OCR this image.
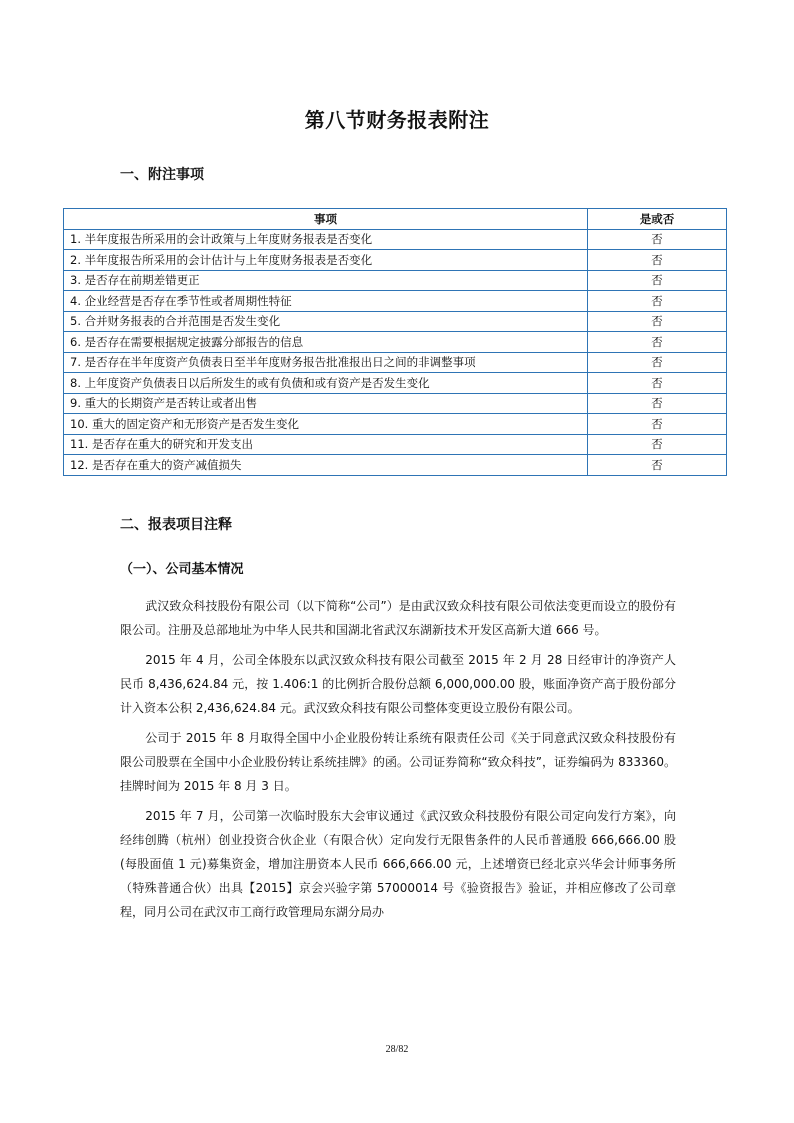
第八节财务报表附注
一、附注事项
事项	是或否
1. 半年度报告所采用的会计政策与上年度财务报表是否变化	否
2. 半年度报告所采用的会计估计与上年度财务报表是否变化	否
3. 是否存在前期差错更正	否
4. 企业经营是否存在季节性或者周期性特征	否
5. 合并财务报表的合并范围是否发生变化	否
6. 是否存在需要根据规定披露分部报告的信息	否
7. 是否存在半年度资产负债表日至半年度财务报告批准报出日之间的非调整事项	否
8. 上年度资产负债表日以后所发生的或有负债和或有资产是否发生变化	否
9. 重大的长期资产是否转让或者出售	否
10. 重大的固定资产和无形资产是否发生变化	否
11. 是否存在重大的研究和开发支出	否
12. 是否存在重大的资产减值损失	否
二、报表项目注释
（一）、公司基本情况

武汉致众科技股份有限公司（以下简称“公司”）是由武汉致众科技有限公司依法变更而设立的股份有限公司。注册及总部地址为中华人民共和国湖北省武汉东湖新技术开发区高新大道 666 号。

2015 年 4 月，公司全体股东以武汉致众科技有限公司截至 2015 年 2 月 28 日经审计的净资产人民币 8,436,624.84 元，按 1.406:1 的比例折合股份总额 6,000,000.00 股，账面净资产高于股份部分计入资本公积 2,436,624.84 元。武汉致众科技有限公司整体变更设立股份有限公司。

公司于 2015 年 8 月取得全国中小企业股份转让系统有限责任公司《关于同意武汉致众科技股份有限公司股票在全国中小企业股份转让系统挂牌》的函。公司证券简称“致众科技”，证券编码为 833360。挂牌时间为 2015 年 8 月 3 日。

2015 年 7 月，公司第一次临时股东大会审议通过《武汉致众科技股份有限公司定向发行方案》，向经纬创腾（杭州）创业投资合伙企业（有限合伙）定向发行无限售条件的人民币普通股 666,666.00 股(每股面值 1 元)募集资金，增加注册资本人民币 666,666.00 元，上述增资已经北京兴华会计师事务所（特殊普通合伙）出具【2015】京会兴验字第 57000014 号《验资报告》验证，并相应修改了公司章程，同月公司在武汉市工商行政管理局东湖分局办

28/82
